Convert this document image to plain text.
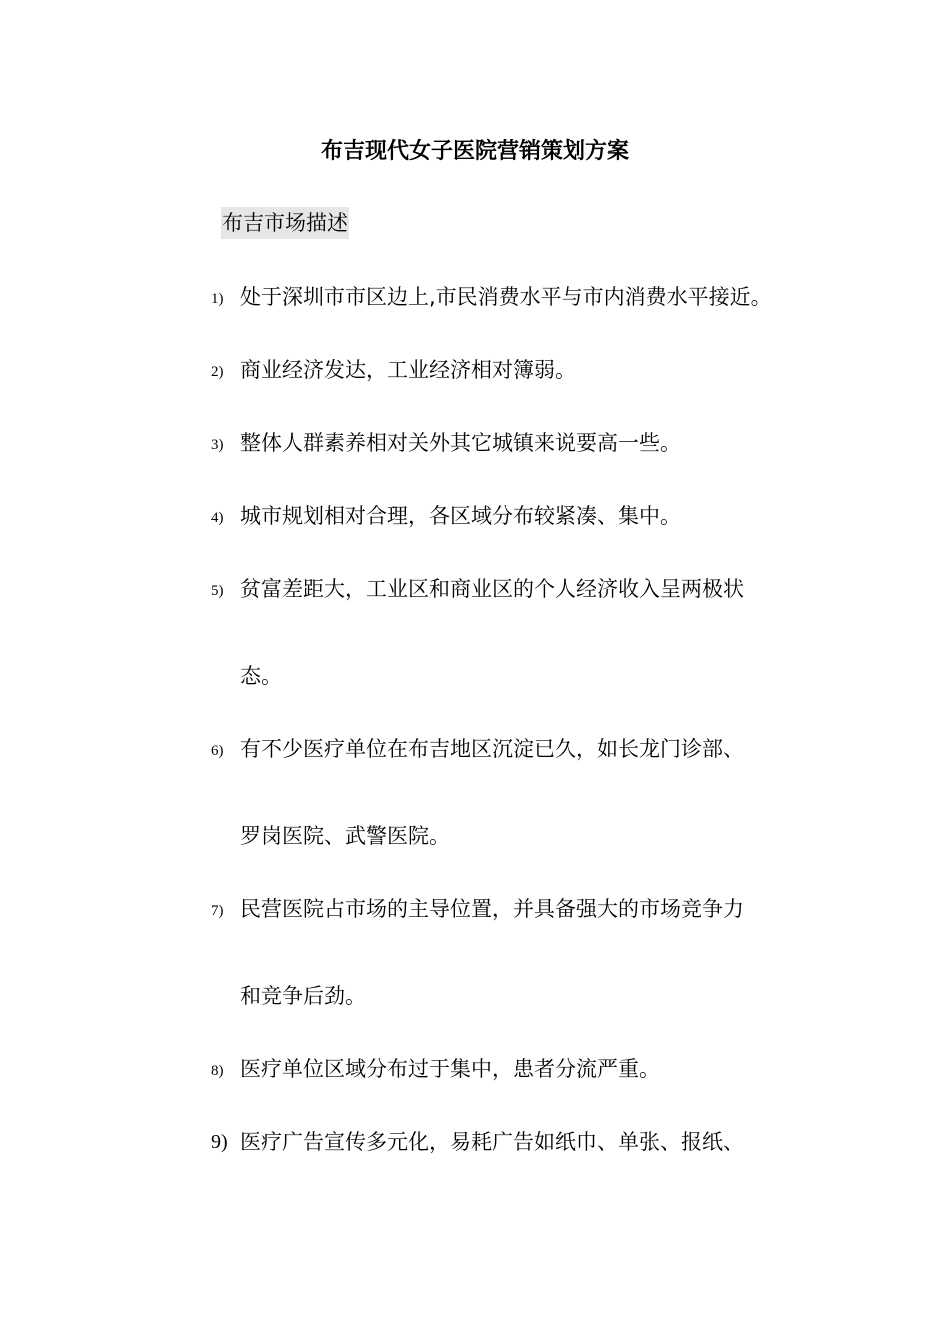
布吉现代女子医院营销策划方案
布吉市场描述
1) 处于深圳市市区边上,市民消费水平与市内消费水平接近。
2) 商业经济发达，工业经济相对簿弱。
3) 整体人群素养相对关外其它城镇来说要高一些。
4) 城市规划相对合理，各区域分布较紧凑、集中。
5) 贫富差距大，工业区和商业区的个人经济收入呈两极状
态。
6) 有不少医疗单位在布吉地区沉淀已久，如长龙门诊部、
罗岗医院、武警医院。
7) 民营医院占市场的主导位置，并具备强大的市场竞争力
和竞争后劲。
8) 医疗单位区域分布过于集中，患者分流严重。
9) 医疗广告宣传多元化，易耗广告如纸巾、单张、报纸、
